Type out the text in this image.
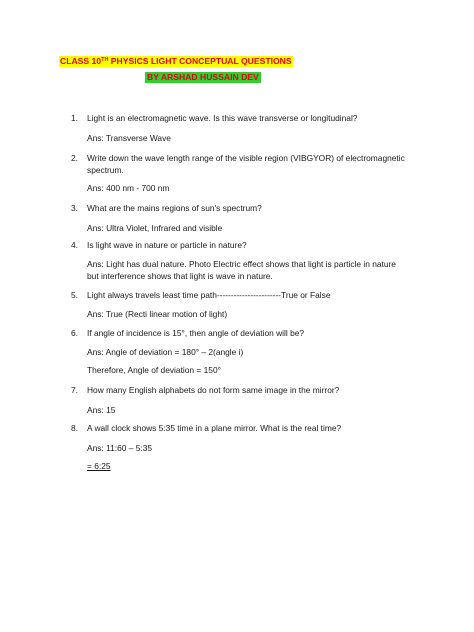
CLASS 10TH PHYSICS LIGHT CONCEPTUAL QUESTIONS
BY ARSHAD HUSSAIN DEV
1.	Light is an electromagnetic wave. Is this wave transverse or longitudinal?
Ans: Transverse Wave
2.	Write down the wave length range of the visible region (VIBGYOR) of electromagnetic spectrum.
Ans: 400 nm - 700 nm
3.	What are the mains regions of sun's spectrum?
Ans: Ultra Violet, Infrared and visible
4.	Is light wave in nature or particle in nature?
Ans: Light has dual nature. Photo Electric effect shows that light is particle in nature but interference shows that light is wave in nature.
5.	Light always travels least time path-----------------------True or False
Ans: True (Recti linear motion of light)
6.	If angle of incidence is 15°, then angle of deviation will be?
Ans: Angle of deviation = 180° – 2(angle i)
Therefore, Angle of deviation = 150°
7.	How many English alphabets do not form same image in the mirror?
Ans: 15
8.	A wall clock shows 5:35 time in a plane mirror. What is the real time?
Ans: 11:60 – 5:35
= 6:25
